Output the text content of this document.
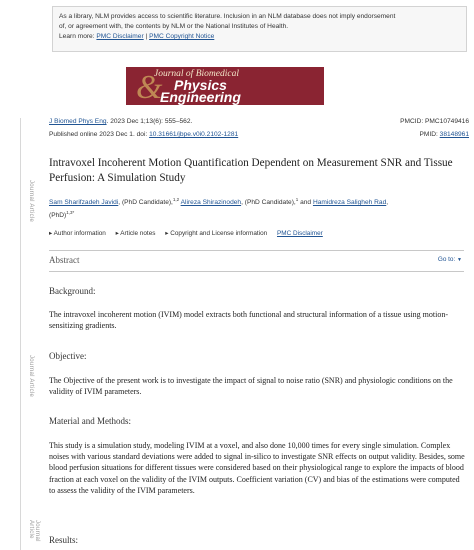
Journal Article
Journal Article
Journal Article
As a library, NLM provides access to scientific literature. Inclusion in an NLM database does not imply endorsement
of, or agreement with, the contents by NLM or the National Institutes of Health.
Learn more: PMC Disclaimer | PMC Copyright Notice
&
Journal of Biomedical
Physics
Engineering
J Biomed Phys Eng. 2023 Dec 1;13(6): 555–562.	PMCID: PMC10749416
Published online 2023 Dec 1. doi: 10.31661/jbpe.v0i0.2102-1281	PMID: 38148961
Intravoxel Incoherent Motion Quantification Dependent on Measurement SNR and Tissue Perfusion: A Simulation Study
Sam Sharifzadeh Javidi, (PhD Candidate),$^{1,2}$ Alireza Shirazinodeh, (PhD Candidate),$^1$ and Hamidreza Saligheh Rad,
(PhD)$^{1,3*}$
▸ Author information ▸ Article notes ▸ Copyright and License information PMC Disclaimer
Abstract	Go to: ▼
Background:
The intravoxel incoherent motion (IVIM) model extracts both functional and structural information of a tissue using motion-sensitizing gradients.
Objective:
The Objective of the present work is to investigate the impact of signal to noise ratio (SNR) and physiologic conditions on the validity of IVIM parameters.
Material and Methods:
This study is a simulation study, modeling IVIM at a voxel, and also done 10,000 times for every single simulation. Complex noises with various standard deviations were added to signal in-silico to investigate SNR effects on output validity. Besides, some blood perfusion situations for different tissues were considered based on their physiological range to explore the impacts of blood fraction at each voxel on the validity of the IVIM outputs. Coefficient variation (CV) and bias of the estimations were computed to assess the validity of the IVIM parameters.
Results:
